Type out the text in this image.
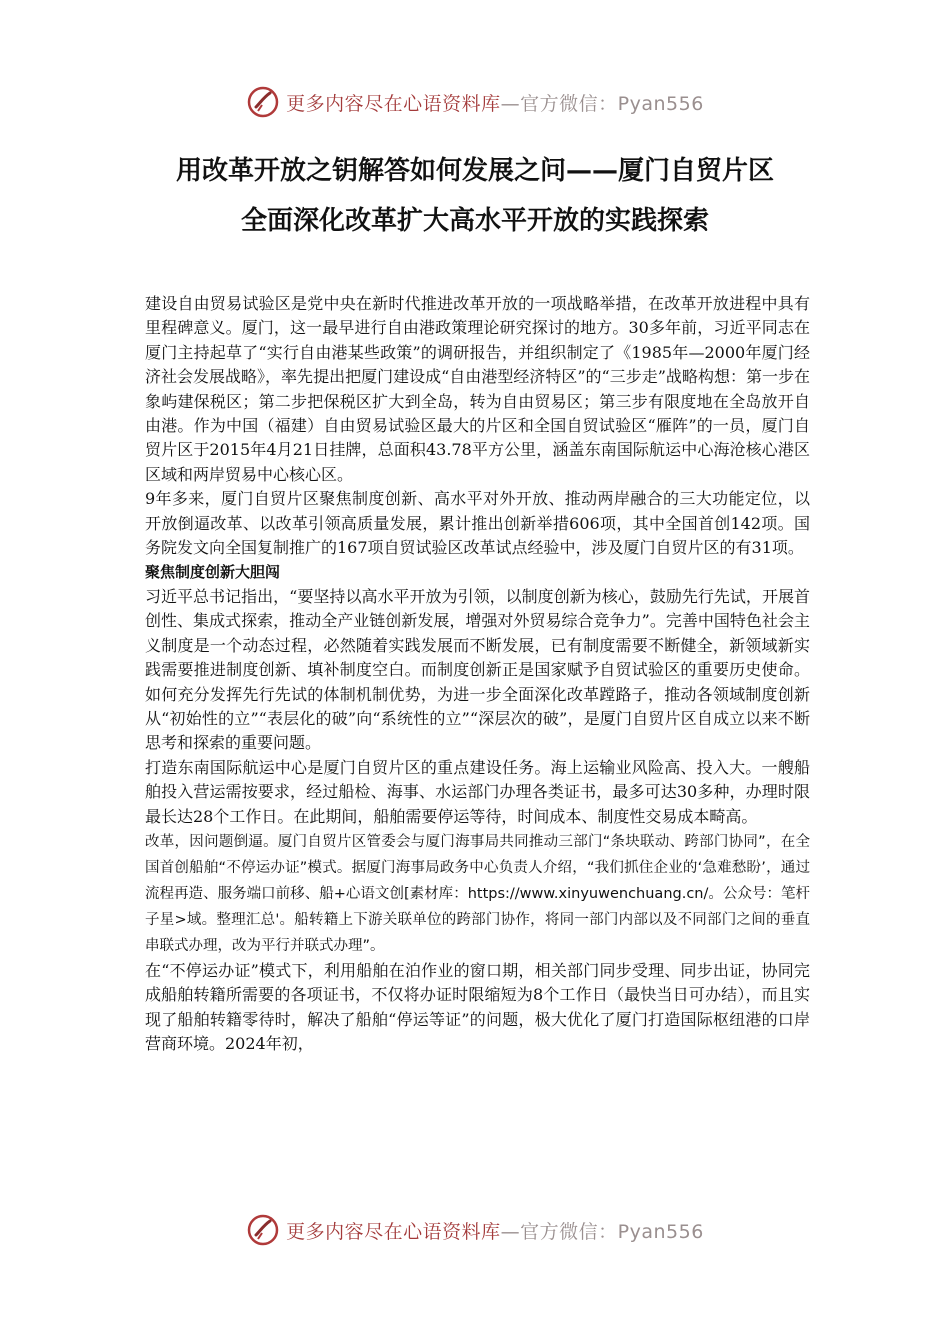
更多内容尽在心语资料库—官方微信：Pyan556
用改革开放之钥解答如何发展之问——厦门自贸片区
全面深化改革扩大高水平开放的实践探索

建设自由贸易试验区是党中央在新时代推进改革开放的一项战略举措，在改革开放进程中具有里程碑意义。厦门，这一最早进行自由港政策理论研究探讨的地方。30多年前，习近平同志在厦门主持起草了“实行自由港某些政策”的调研报告，并组织制定了《1985年—2000年厦门经济社会发展战略》，率先提出把厦门建设成“自由港型经济特区”的“三步走”战略构想：第一步在象屿建保税区；第二步把保税区扩大到全岛，转为自由贸易区；第三步有限度地在全岛放开自由港。作为中国（福建）自由贸易试验区最大的片区和全国自贸试验区“雁阵”的一员，厦门自贸片区于2015年4月21日挂牌，总面积43.78平方公里，涵盖东南国际航运中心海沧核心港区区域和两岸贸易中心核心区。

9年多来，厦门自贸片区聚焦制度创新、高水平对外开放、推动两岸融合的三大功能定位，以开放倒逼改革、以改革引领高质量发展，累计推出创新举措606项，其中全国首创142项。国务院发文向全国复制推广的167项自贸试验区改革试点经验中，涉及厦门自贸片区的有31项。

聚焦制度创新大胆闯

习近平总书记指出，“要坚持以高水平开放为引领，以制度创新为核心，鼓励先行先试，开展首创性、集成式探索，推动全产业链创新发展，增强对外贸易综合竞争力”。完善中国特色社会主义制度是一个动态过程，必然随着实践发展而不断发展，已有制度需要不断健全，新领域新实践需要推进制度创新、填补制度空白。而制度创新正是国家赋予自贸试验区的重要历史使命。如何充分发挥先行先试的体制机制优势，为进一步全面深化改革蹚路子，推动各领域制度创新从“初始性的立”“表层化的破”向“系统性的立”“深层次的破”，是厦门自贸片区自成立以来不断思考和探索的重要问题。

打造东南国际航运中心是厦门自贸片区的重点建设任务。海上运输业风险高、投入大。一艘船舶投入营运需按要求，经过船检、海事、水运部门办理各类证书，最多可达30多种，办理时限最长达28个工作日。在此期间，船舶需要停运等待，时间成本、制度性交易成本畸高。

改革，因问题倒逼。厦门自贸片区管委会与厦门海事局共同推动三部门“条块联动、跨部门协同”，在全国首创船舶“不停运办证”模式。据厦门海事局政务中心负责人介绍，“我们抓住企业的‘急难愁盼’，通过流程再造、服务端口前移、船+心语文创[素材库：https://www.xinyuwenchuang.cn/。公众号：笔杆子星>域。整理汇总'。船转籍上下游关联单位的跨部门协作，将同一部门内部以及不同部门之间的垂直串联式办理，改为平行并联式办理”。

在“不停运办证”模式下，利用船舶在泊作业的窗口期，相关部门同步受理、同步出证，协同完成船舶转籍所需要的各项证书，不仅将办证时限缩短为8个工作日（最快当日可办结），而且实现了船舶转籍零待时，解决了船舶“停运等证”的问题，极大优化了厦门打造国际枢纽港的口岸营商环境。2024年初，

更多内容尽在心语资料库—官方微信：Pyan556
